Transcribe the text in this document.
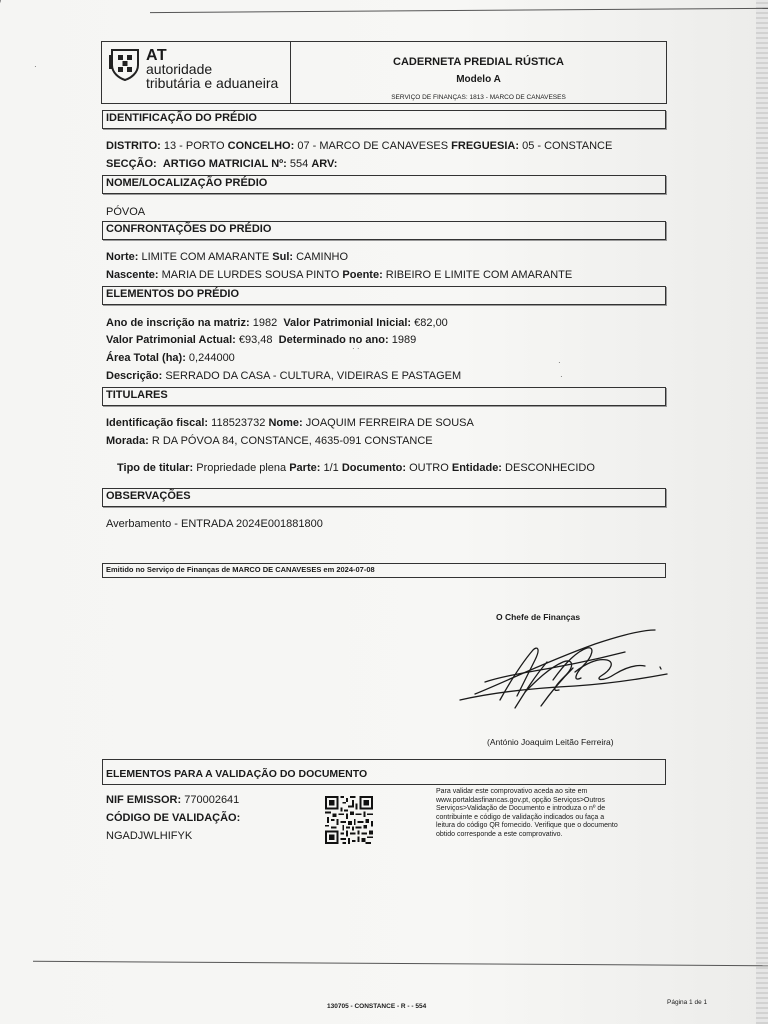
AT
autoridade
tributária e aduaneira
CADERNETA PREDIAL RÚSTICA
Modelo A
SERVIÇO DE FINANÇAS: 1813 - MARCO DE CANAVESES
IDENTIFICAÇÃO DO PRÉDIO
DISTRITO: 13 - PORTO CONCELHO: 07 - MARCO DE CANAVESES FREGUESIA: 05 - CONSTANCE
SECÇÃO: ARTIGO MATRICIAL Nº: 554 ARV:
NOME/LOCALIZAÇÃO PRÉDIO
PÓVOA
CONFRONTAÇÕES DO PRÉDIO
Norte: LIMITE COM AMARANTE Sul: CAMINHO
Nascente: MARIA DE LURDES SOUSA PINTO Poente: RIBEIRO E LIMITE COM AMARANTE
ELEMENTOS DO PRÉDIO
Ano de inscrição na matriz: 1982 Valor Patrimonial Inicial: €82,00
Valor Patrimonial Actual: €93,48 Determinado no ano: 1989
Área Total (ha): 0,244000
Descrição: SERRADO DA CASA - CULTURA, VIDEIRAS E PASTAGEM
TITULARES
Identificação fiscal: 118523732 Nome: JOAQUIM FERREIRA DE SOUSA
Morada: R DA PÓVOA 84, CONSTANCE, 4635-091 CONSTANCE
Tipo de titular: Propriedade plena Parte: 1/1 Documento: OUTRO Entidade: DESCONHECIDO
OBSERVAÇÕES
Averbamento - ENTRADA 2024E001881800
Emitido no Serviço de Finanças de MARCO DE CANAVESES em 2024-07-08
O Chefe de Finanças
(António Joaquim Leitão Ferreira)
ELEMENTOS PARA A VALIDAÇÃO DO DOCUMENTO
NIF EMISSOR: 770002641
CÓDIGO DE VALIDAÇÃO:
NGADJWLHIFYK
Para validar este comprovativo aceda ao site em
www.portaldasfinancas.gov.pt, opção Serviços>Outros
Serviços>Validação de Documento e introduza o nº de
contribuinte e código de validação indicados ou faça a
leitura do código QR fornecido. Verifique que o documento
obtido corresponde a este comprovativo.
130705 - CONSTANCE - R - - 554
Página 1 de 1
· ·
·
·
·
